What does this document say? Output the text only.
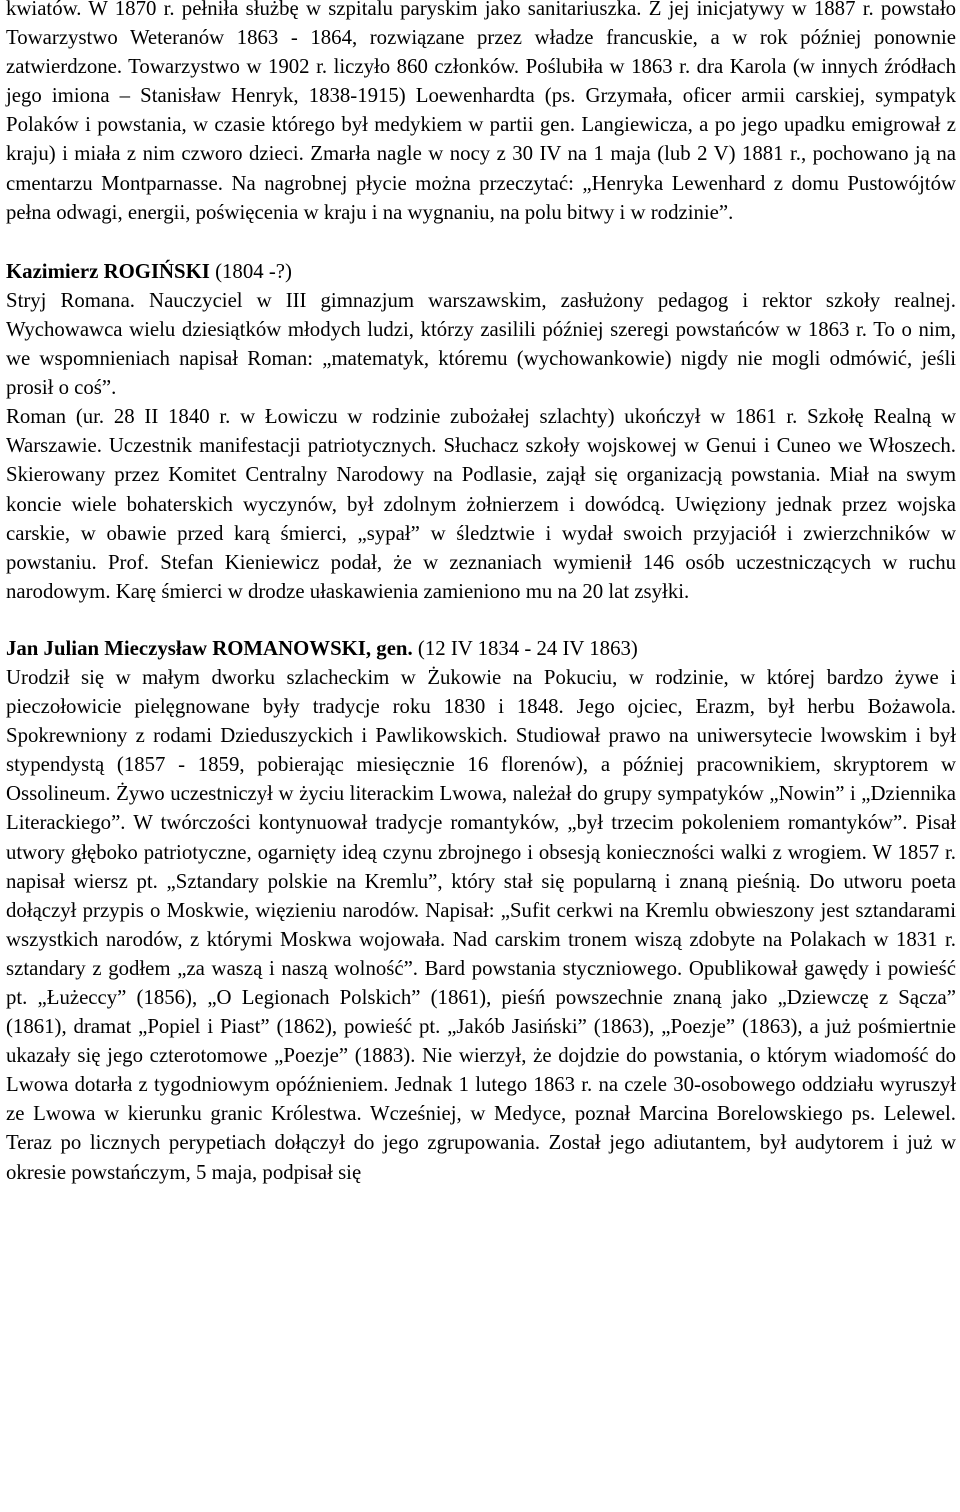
kwiatów. W 1870 r. pełniła służbę w szpitalu paryskim jako sanitariuszka. Z jej inicjatywy w 1887 r. powstało Towarzystwo Weteranów 1863 - 1864, rozwiązane przez władze francuskie, a w rok później ponownie zatwierdzone. Towarzystwo w 1902 r. liczyło 860 członków. Poślubiła w 1863 r. dra Karola (w innych źródłach jego imiona – Stanisław Henryk, 1838-1915) Loewenhardta (ps. Grzymała, oficer armii carskiej, sympatyk Polaków i powstania, w czasie którego był medykiem w partii gen. Langiewicza, a po jego upadku emigrował z kraju) i miała z nim czworo dzieci. Zmarła nagle w nocy z 30 IV na 1 maja (lub 2 V) 1881 r., pochowano ją na cmentarzu Montparnasse. Na nagrobnej płycie można przeczytać: „Henryka Lewenhard z domu Pustowójtów pełna odwagi, energii, poświęcenia w kraju i na wygnaniu, na polu bitwy i w rodzinie”.

Kazimierz ROGIŃSKI (1804 -?)

Stryj Romana. Nauczyciel w III gimnazjum warszawskim, zasłużony pedagog i rektor szkoły realnej. Wychowawca wielu dziesiątków młodych ludzi, którzy zasilili później szeregi powstańców w 1863 r. To o nim, we wspomnieniach napisał Roman: „matematyk, któremu (wychowankowie) nigdy nie mogli odmówić, jeśli prosił o coś”.

Roman (ur. 28 II 1840 r. w Łowiczu w rodzinie zubożałej szlachty) ukończył w 1861 r. Szkołę Realną w Warszawie. Uczestnik manifestacji patriotycznych. Słuchacz szkoły wojskowej w Genui i Cuneo we Włoszech. Skierowany przez Komitet Centralny Narodowy na Podlasie, zajął się organizacją powstania. Miał na swym koncie wiele bohaterskich wyczynów, był zdolnym żołnierzem i dowódcą. Uwięziony jednak przez wojska carskie, w obawie przed karą śmierci, „sypał” w śledztwie i wydał swoich przyjaciół i zwierzchników w powstaniu. Prof. Stefan Kieniewicz podał, że w zeznaniach wymienił 146 osób uczestniczących w ruchu narodowym. Karę śmierci w drodze ułaskawienia zamieniono mu na 20 lat zsyłki.

Jan Julian Mieczysław ROMANOWSKI, gen. (12 IV 1834 - 24 IV 1863)

Urodził się w małym dworku szlacheckim w Żukowie na Pokuciu, w rodzinie, w której bardzo żywe i pieczołowicie pielęgnowane były tradycje roku 1830 i 1848. Jego ojciec, Erazm, był herbu Bożawola. Spokrewniony z rodami Dzieduszyckich i Pawlikowskich. Studiował prawo na uniwersytecie lwowskim i był stypendystą (1857 - 1859, pobierając miesięcznie 16 florenów), a później pracownikiem, skryptorem w Ossolineum. Żywo uczestniczył w życiu literackim Lwowa, należał do grupy sympatyków „Nowin” i „Dziennika Literackiego”. W twórczości kontynuował tradycje romantyków, „był trzecim pokoleniem romantyków”. Pisał utwory głęboko patriotyczne, ogarnięty ideą czynu zbrojnego i obsesją konieczności walki z wrogiem. W 1857 r. napisał wiersz pt. „Sztandary polskie na Kremlu”, który stał się popularną i znaną pieśnią. Do utworu poeta dołączył przypis o Moskwie, więzieniu narodów. Napisał: „Sufit cerkwi na Kremlu obwieszony jest sztandarami wszystkich narodów, z którymi Moskwa wojowała. Nad carskim tronem wiszą zdobyte na Polakach w 1831 r. sztandary z godłem „za waszą i naszą wolność”. Bard powstania styczniowego. Opublikował gawędy i powieść pt. „Łużeccy” (1856), „O Legionach Polskich” (1861), pieśń powszechnie znaną jako „Dziewczę z Sącza” (1861), dramat „Popiel i Piast” (1862), powieść pt. „Jakób Jasiński” (1863), „Poezje” (1863), a już pośmiertnie ukazały się jego czterotomowe „Poezje” (1883). Nie wierzył, że dojdzie do powstania, o którym wiadomość do Lwowa dotarła z tygodniowym opóźnieniem. Jednak 1 lutego 1863 r. na czele 30-osobowego oddziału wyruszył ze Lwowa w kierunku granic Królestwa. Wcześniej, w Medyce, poznał Marcina Borelowskiego ps. Lelewel. Teraz po licznych perypetiach dołączył do jego zgrupowania. Został jego adiutantem, był audytorem i już w okresie powstańczym, 5 maja, podpisał się
